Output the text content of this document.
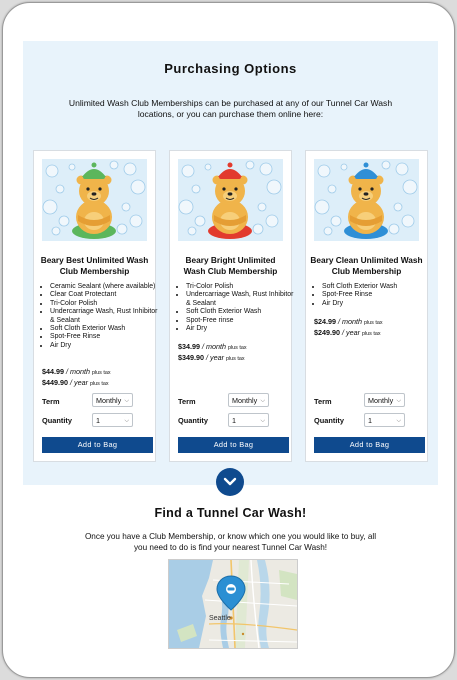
Purchasing Options
Unlimited Wash Club Memberships can be purchased at any of our Tunnel Car Wash locations, or you can purchase them online here:
Beary Best Unlimited Wash Club Membership
• Ceramic Sealant (where available)
• Clear Coat Protectant
• Tri-Color Polish
• Undercarriage Wash, Rust Inhibitor & Sealant
• Soft Cloth Exterior Wash
• Spot-Free Rinse
• Air Dry
$44.99 / month plus tax
$449.90 / year plus tax
Term	Monthly ⌵
Quantity	1	⌵
Add to Bag
Beary Bright Unlimited Wash Club Membership
• Tri-Color Polish
• Undercarriage Wash, Rust Inhibitor & Sealant
• Soft Cloth Exterior Wash
• Spot-Free rinse
• Air Dry
$34.99 / month plus tax
$349.90 / year plus tax
Term	Monthly ⌵
Quantity	1	⌵
Add to Bag
Beary Clean Unlimited Wash Club Membership
• Soft Cloth Exterior Wash
• Spot-Free Rinse
• Air Dry
$24.99 / month plus tax
$249.90 / year plus tax
Term	Monthly ⌵
Quantity	1	⌵
Add to Bag
Find a Tunnel Car Wash!
Once you have a Club Membership, or know which one you would like to buy, all you need to do is find your nearest Tunnel Car Wash!
Seattle
